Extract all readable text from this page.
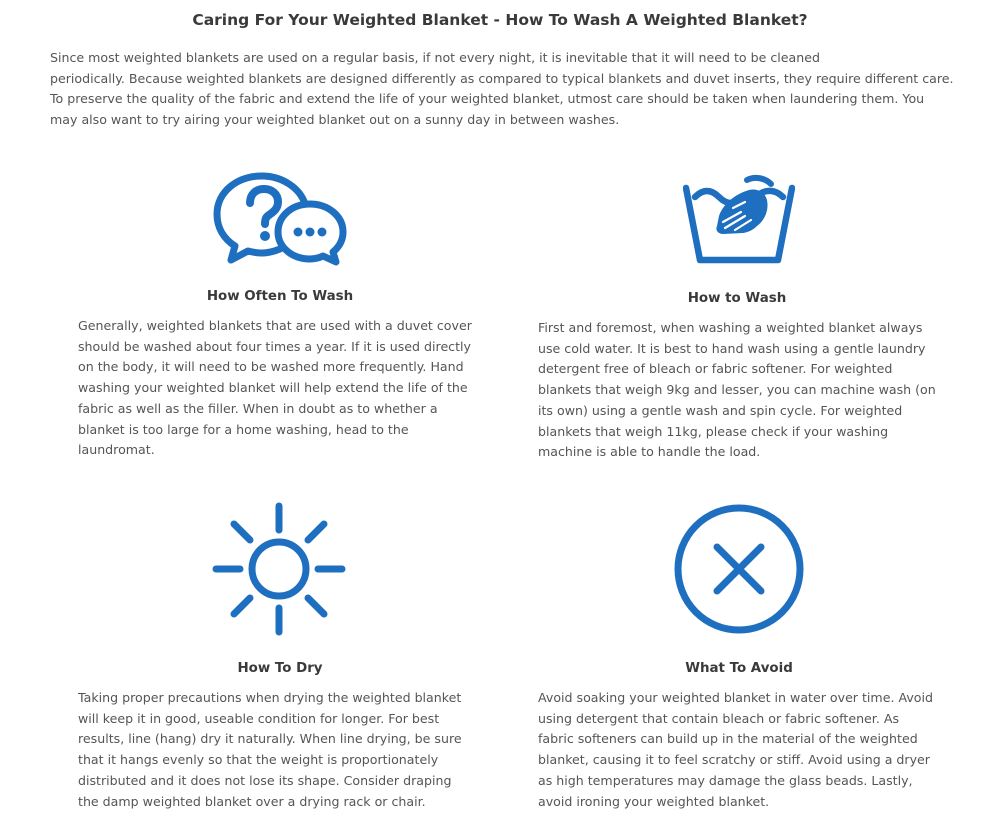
Caring For Your Weighted Blanket - How To Wash A Weighted Blanket?
Since most weighted blankets are used on a regular basis, if not every night, it is inevitable that it will need to be cleaned
periodically. Because weighted blankets are designed differently as compared to typical blankets and duvet inserts, they require different care.
To preserve the quality of the fabric and extend the life of your weighted blanket, utmost care should be taken when laundering them. You
may also want to try airing your weighted blanket out on a sunny day in between washes.
How Often To Wash
Generally, weighted blankets that are used with a duvet cover
should be washed about four times a year. If it is used directly
on the body, it will need to be washed more frequently. Hand
washing your weighted blanket will help extend the life of the
fabric as well as the filler. When in doubt as to whether a
blanket is too large for a home washing, head to the
laundromat.
How to Wash
First and foremost, when washing a weighted blanket always
use cold water. It is best to hand wash using a gentle laundry
detergent free of bleach or fabric softener. For weighted
blankets that weigh 9kg and lesser, you can machine wash (on
its own) using a gentle wash and spin cycle. For weighted
blankets that weigh 11kg, please check if your washing
machine is able to handle the load.
How To Dry
Taking proper precautions when drying the weighted blanket
will keep it in good, useable condition for longer. For best
results, line (hang) dry it naturally. When line drying, be sure
that it hangs evenly so that the weight is proportionately
distributed and it does not lose its shape. Consider draping
the damp weighted blanket over a drying rack or chair.
What To Avoid
Avoid soaking your weighted blanket in water over time. Avoid
using detergent that contain bleach or fabric softener. As
fabric softeners can build up in the material of the weighted
blanket, causing it to feel scratchy or stiff. Avoid using a dryer
as high temperatures may damage the glass beads. Lastly,
avoid ironing your weighted blanket.
